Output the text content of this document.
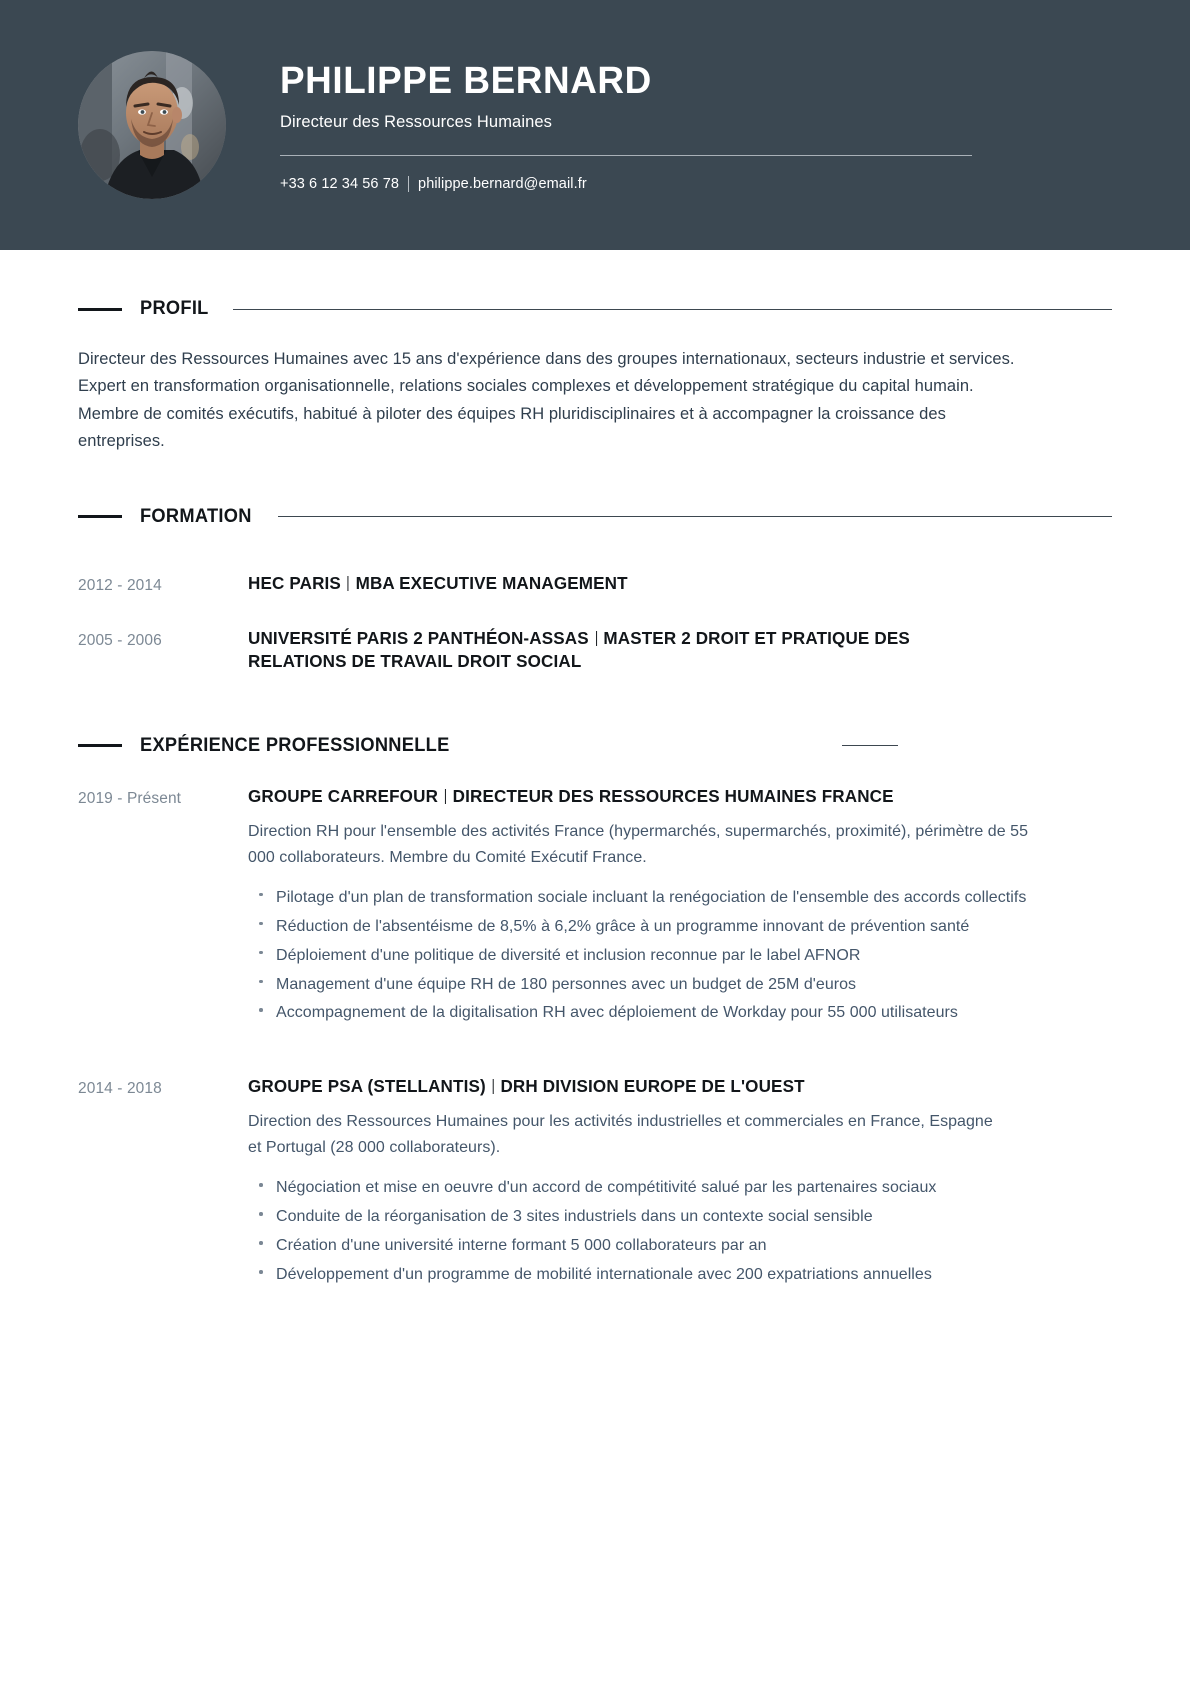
PHILIPPE BERNARD
Directeur des Ressources Humaines
+33 6 12 34 56 78 philippe.bernard@email.fr
PROFIL

Directeur des Ressources Humaines avec 15 ans d'expérience dans des groupes internationaux, secteurs industrie et services. Expert en transformation organisationnelle, relations sociales complexes et développement stratégique du capital humain. Membre de comités exécutifs, habitué à piloter des équipes RH pluridisciplinaires et à accompagner la croissance des entreprises.

FORMATION
2012 - 2014	HEC PARIS MBA EXECUTIVE MANAGEMENT
2005 - 2006	UNIVERSITÉ PARIS 2 PANTHÉON-ASSAS MASTER 2 DROIT ET PRATIQUE DES RELATIONS DE TRAVAIL DROIT SOCIAL
EXPÉRIENCE PROFESSIONNELLE
2019 - Présent	GROUPE CARREFOUR DIRECTEUR DES RESSOURCES HUMAINES FRANCE

Direction RH pour l'ensemble des activités France (hypermarchés, supermarchés, proximité), périmètre de 55 000 collaborateurs. Membre du Comité Exécutif France.

Pilotage d'un plan de transformation sociale incluant la renégociation de l'ensemble des accords collectifs
Réduction de l'absentéisme de 8,5% à 6,2% grâce à un programme innovant de prévention santé
Déploiement d'une politique de diversité et inclusion reconnue par le label AFNOR
Management d'une équipe RH de 180 personnes avec un budget de 25M d'euros
Accompagnement de la digitalisation RH avec déploiement de Workday pour 55 000 utilisateurs
2014 - 2018	GROUPE PSA (STELLANTIS) DRH DIVISION EUROPE DE L'OUEST

Direction des Ressources Humaines pour les activités industrielles et commerciales en France, Espagne et Portugal (28 000 collaborateurs).

Négociation et mise en oeuvre d'un accord de compétitivité salué par les partenaires sociaux
Conduite de la réorganisation de 3 sites industriels dans un contexte social sensible
Création d'une université interne formant 5 000 collaborateurs par an
Développement d'un programme de mobilité internationale avec 200 expatriations annuelles
